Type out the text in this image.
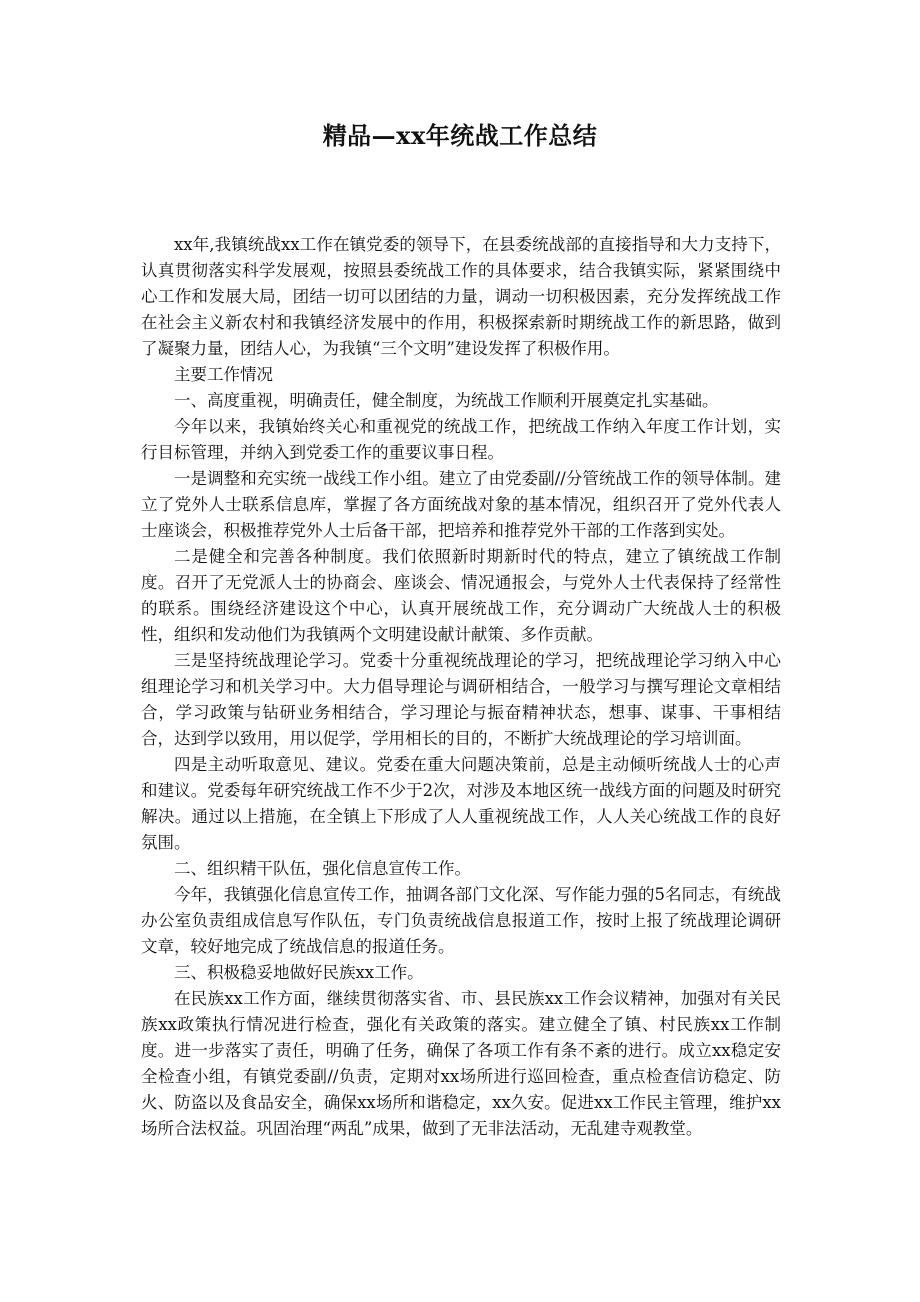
精品—xx年统战工作总结

xx年,我镇统战xx工作在镇党委的领导下，在县委统战部的直接指导和大力支持下，认真贯彻落实科学发展观，按照县委统战工作的具体要求，结合我镇实际，紧紧围绕中心工作和发展大局，团结一切可以团结的力量，调动一切积极因素，充分发挥统战工作在社会主义新农村和我镇经济发展中的作用，积极探索新时期统战工作的新思路，做到了凝聚力量，团结人心，为我镇“三个文明”建设发挥了积极作用。

主要工作情况

一、高度重视，明确责任，健全制度，为统战工作顺利开展奠定扎实基础。

今年以来，我镇始终关心和重视党的统战工作，把统战工作纳入年度工作计划，实行目标管理，并纳入到党委工作的重要议事日程。

一是调整和充实统一战线工作小组。建立了由党委副//分管统战工作的领导体制。建立了党外人士联系信息库，掌握了各方面统战对象的基本情况，组织召开了党外代表人士座谈会，积极推荐党外人士后备干部，把培养和推荐党外干部的工作落到实处。

二是健全和完善各种制度。我们依照新时期新时代的特点，建立了镇统战工作制度。召开了无党派人士的协商会、座谈会、情况通报会，与党外人士代表保持了经常性的联系。围绕经济建设这个中心，认真开展统战工作，充分调动广大统战人士的积极性，组织和发动他们为我镇两个文明建设献计献策、多作贡献。

三是坚持统战理论学习。党委十分重视统战理论的学习，把统战理论学习纳入中心组理论学习和机关学习中。大力倡导理论与调研相结合，一般学习与撰写理论文章相结合，学习政策与钻研业务相结合，学习理论与振奋精神状态，想事、谋事、干事相结合，达到学以致用，用以促学，学用相长的目的，不断扩大统战理论的学习培训面。

四是主动听取意见、建议。党委在重大问题决策前，总是主动倾听统战人士的心声和建议。党委每年研究统战工作不少于2次，对涉及本地区统一战线方面的问题及时研究解决。通过以上措施，在全镇上下形成了人人重视统战工作，人人关心统战工作的良好氛围。

二、组织精干队伍，强化信息宣传工作。

今年，我镇强化信息宣传工作，抽调各部门文化深、写作能力强的5名同志，有统战办公室负责组成信息写作队伍，专门负责统战信息报道工作，按时上报了统战理论调研文章，较好地完成了统战信息的报道任务。

三、积极稳妥地做好民族xx工作。

在民族xx工作方面，继续贯彻落实省、市、县民族xx工作会议精神，加强对有关民族xx政策执行情况进行检查，强化有关政策的落实。建立健全了镇、村民族xx工作制度。进一步落实了责任，明确了任务，确保了各项工作有条不紊的进行。成立xx稳定安全检查小组，有镇党委副//负责，定期对xx场所进行巡回检查，重点检查信访稳定、防火、防盗以及食品安全，确保xx场所和谐稳定，xx久安。促进xx工作民主管理，维护xx场所合法权益。巩固治理“两乱”成果，做到了无非法活动，无乱建寺观教堂。
